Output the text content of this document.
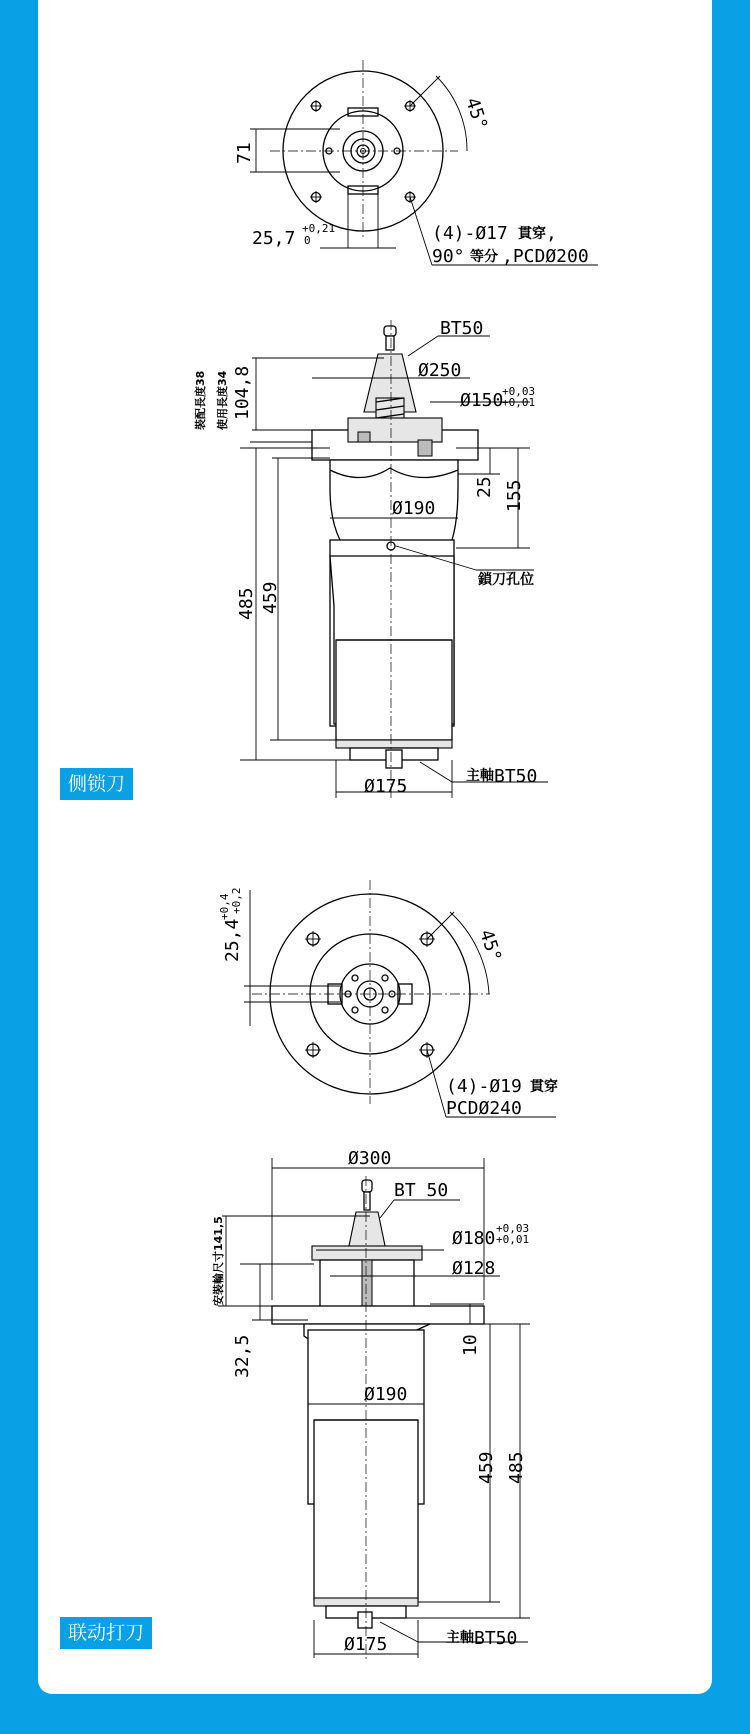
45°
71
25,7 +0,21
0	(4)-Ø17 貫穿 ,
90° 等分 ,PCDØ200
BT50
Ø250
Ø150
+0,03
+0,01
裝配長度38 使用長度34 104,8
25 155
Ø190
鎖刀孔位
485 459
主軸 BT50
Ø175
25,4
+0,4 +0,2
45°
(4)-Ø19 貫穿
PCDØ240
Ø300
BT 50
Ø180 +0,03
+0,01
安裝輪尺寸141,5	Ø128
32,5	10
Ø190
459 485
Ø175	主軸 BT50
侧锁刀
联动打刀
